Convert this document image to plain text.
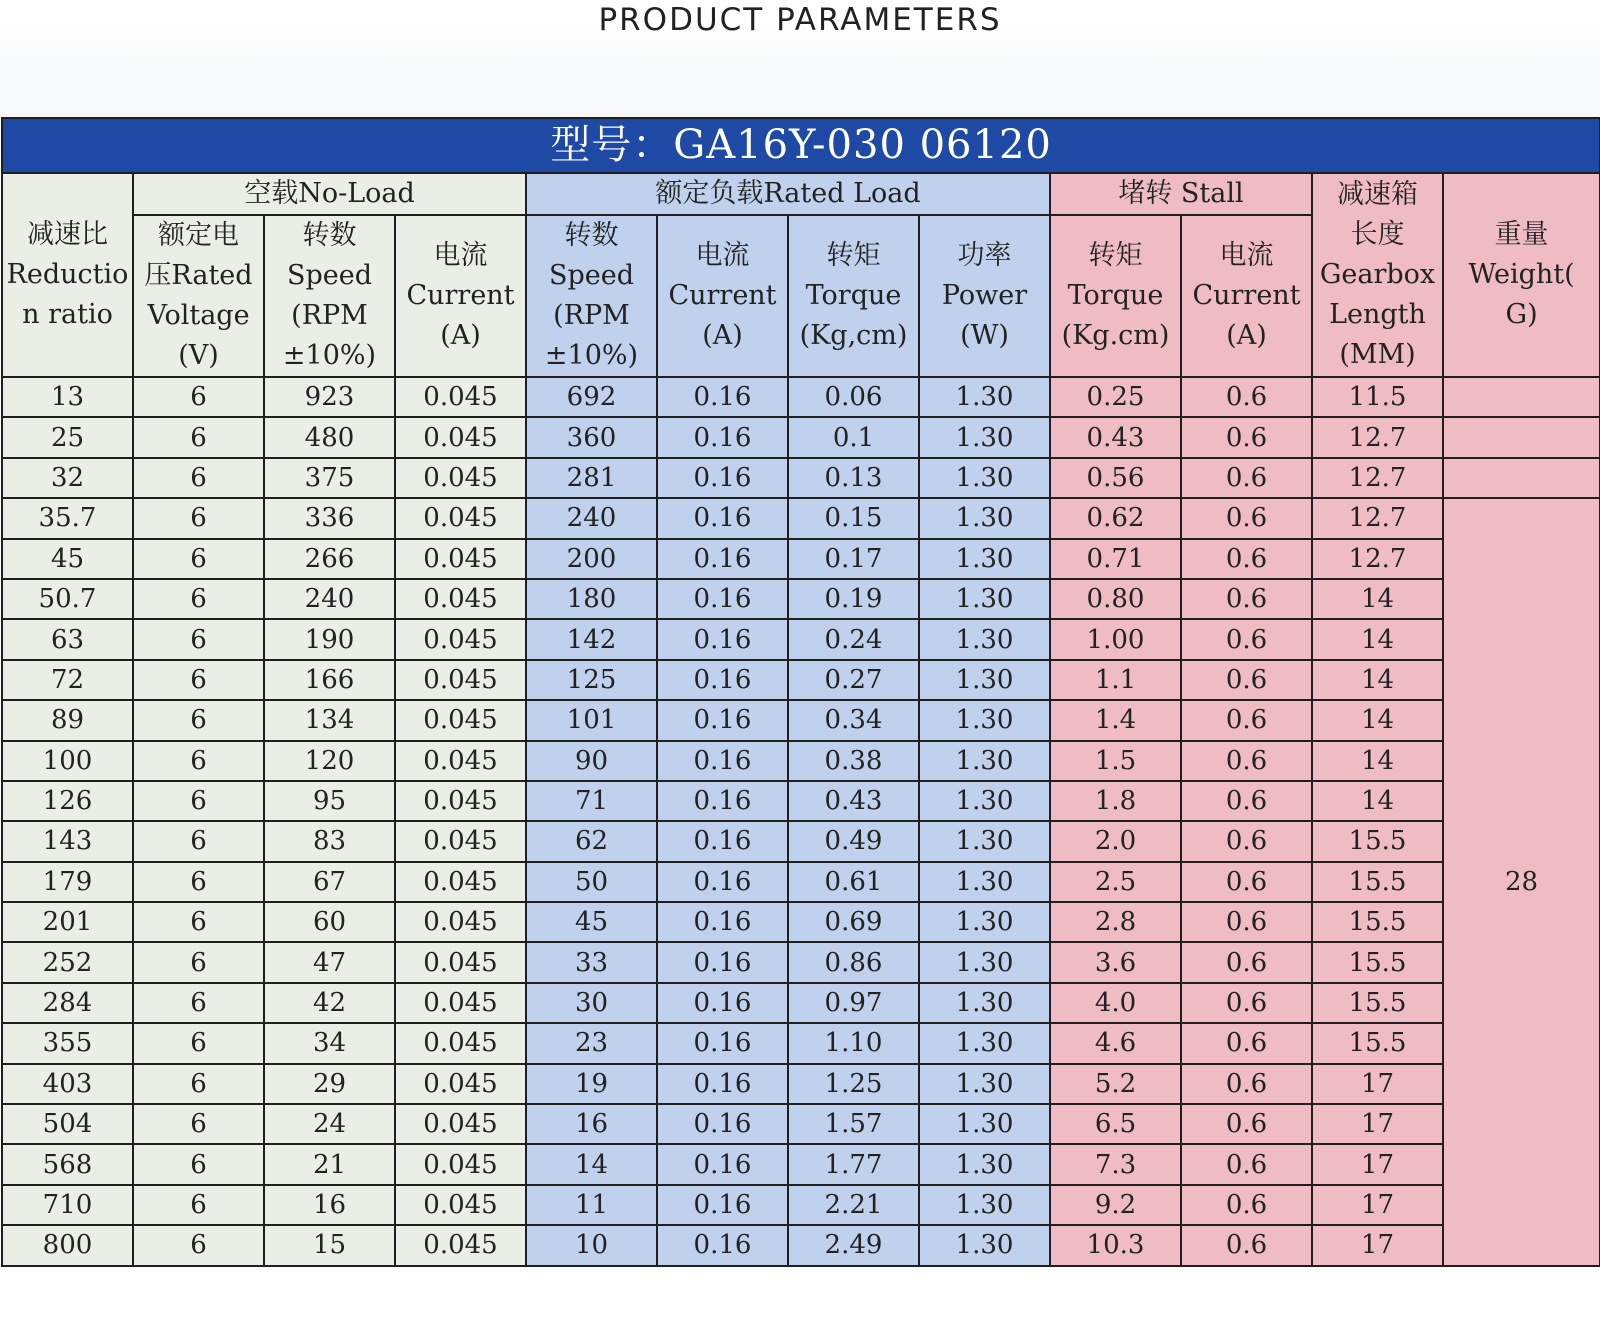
PRODUCT PARAMETERS
型号：GA16Y-030 06120											

减速比
Reductio
n ratio	空载No-Load			额定负载Rated Load				堵转 Stall		减速箱
长度
Gearbox
Length
(MM)	重量
Weight(
G)

	额定电
压Rated
Voltage
(V)	转数
Speed
(RPM
±10%)	电流
Current
(A)	转数
Speed
(RPM
±10%)	电流
Current
(A)	转矩
Torque
(Kg,cm)	功率
Power
(W)	转矩
Torque
(Kg.cm)	电流
Current
(A)		

13	6	923	0.045	692	0.16	0.06	1.30	0.25	0.6	11.5	
25	6	480	0.045	360	0.16	0.1	1.30	0.43	0.6	12.7	
32	6	375	0.045	281	0.16	0.13	1.30	0.56	0.6	12.7	
35.7	6	336	0.045	240	0.16	0.15	1.30	0.62	0.6	12.7	28
45	6	266	0.045	200	0.16	0.17	1.30	0.71	0.6	12.7	
50.7	6	240	0.045	180	0.16	0.19	1.30	0.80	0.6	14	
63	6	190	0.045	142	0.16	0.24	1.30	1.00	0.6	14	
72	6	166	0.045	125	0.16	0.27	1.30	1.1	0.6	14	
89	6	134	0.045	101	0.16	0.34	1.30	1.4	0.6	14	
100	6	120	0.045	90	0.16	0.38	1.30	1.5	0.6	14	
126	6	95	0.045	71	0.16	0.43	1.30	1.8	0.6	14	
143	6	83	0.045	62	0.16	0.49	1.30	2.0	0.6	15.5	
179	6	67	0.045	50	0.16	0.61	1.30	2.5	0.6	15.5	
201	6	60	0.045	45	0.16	0.69	1.30	2.8	0.6	15.5	
252	6	47	0.045	33	0.16	0.86	1.30	3.6	0.6	15.5	
284	6	42	0.045	30	0.16	0.97	1.30	4.0	0.6	15.5	
355	6	34	0.045	23	0.16	1.10	1.30	4.6	0.6	15.5	
403	6	29	0.045	19	0.16	1.25	1.30	5.2	0.6	17	
504	6	24	0.045	16	0.16	1.57	1.30	6.5	0.6	17	
568	6	21	0.045	14	0.16	1.77	1.30	7.3	0.6	17	
710	6	16	0.045	11	0.16	2.21	1.30	9.2	0.6	17	
800	6	15	0.045	10	0.16	2.49	1.30	10.3	0.6	17	
